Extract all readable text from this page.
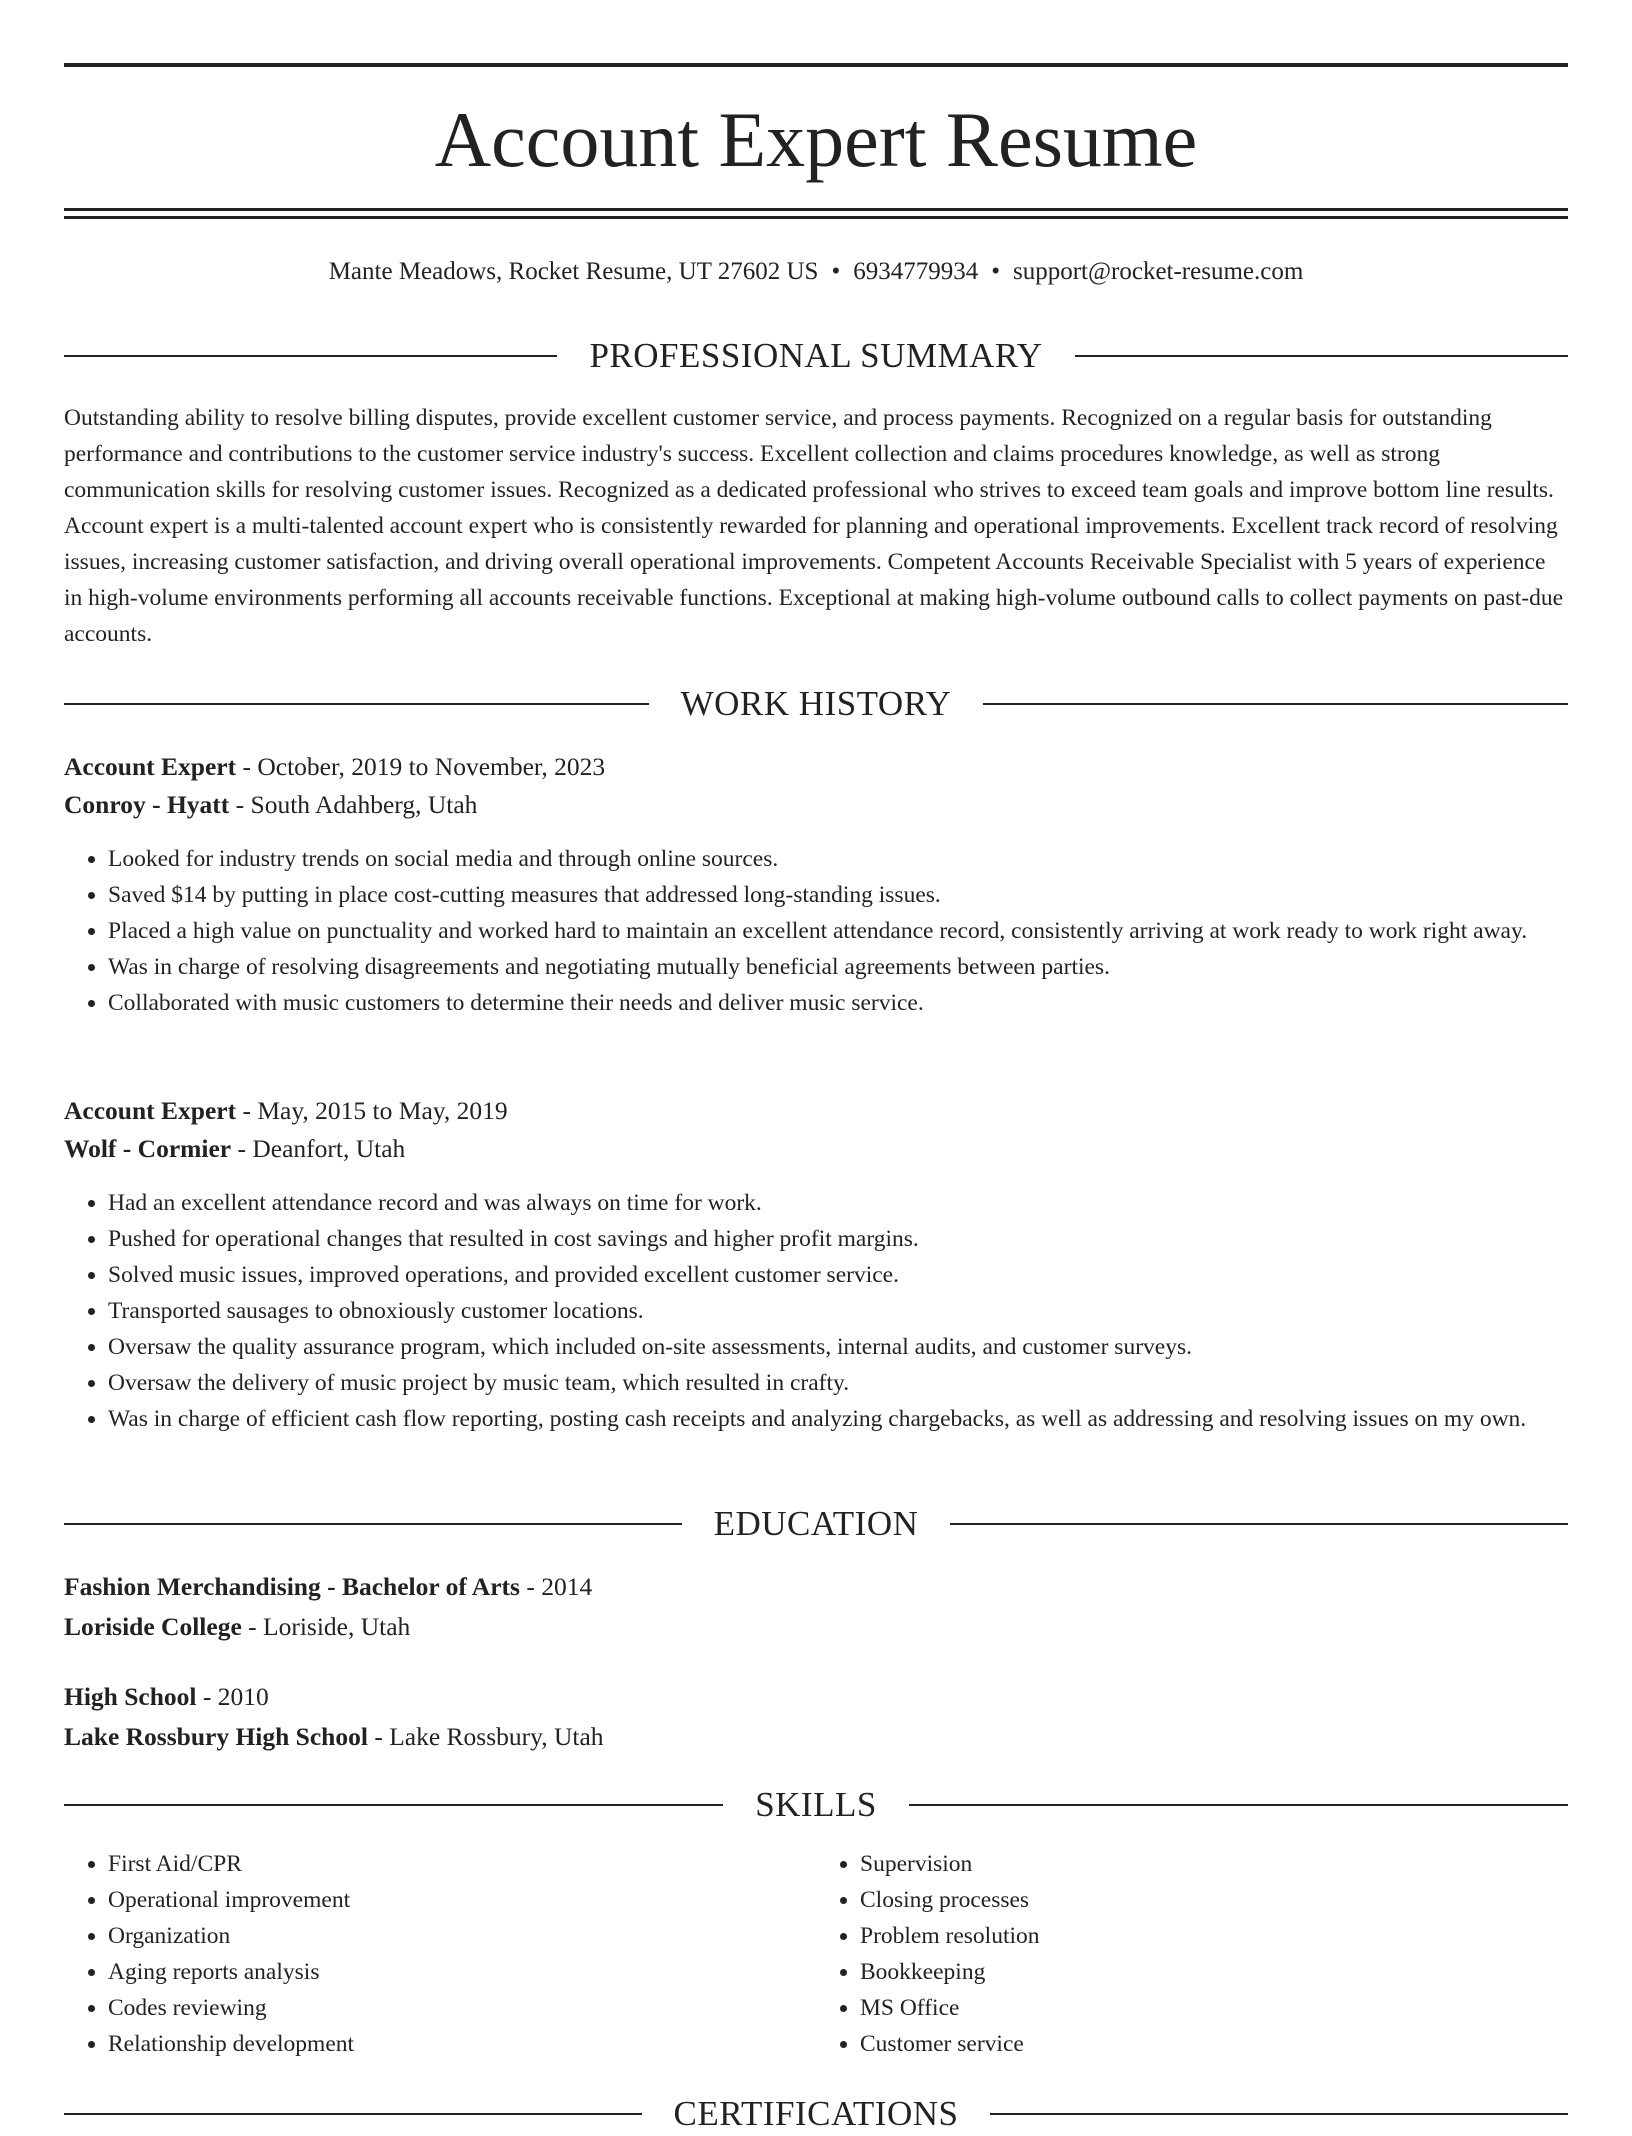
Account Expert Resume
Mante Meadows, Rocket Resume, UT 27602 US • 6934779934 • support@rocket-resume.com
PROFESSIONAL SUMMARY

Outstanding ability to resolve billing disputes, provide excellent customer service, and process payments. Recognized on a regular basis for outstanding performance and contributions to the customer service industry's success. Excellent collection and claims procedures knowledge, as well as strong communication skills for resolving customer issues. Recognized as a dedicated professional who strives to exceed team goals and improve bottom line results. Account expert is a multi-talented account expert who is consistently rewarded for planning and operational improvements. Excellent track record of resolving issues, increasing customer satisfaction, and driving overall operational improvements. Competent Accounts Receivable Specialist with 5 years of experience in high-volume environments performing all accounts receivable functions. Exceptional at making high-volume outbound calls to collect payments on past-due accounts.

WORK HISTORY
Account Expert - October, 2019 to November, 2023
Conroy - Hyatt - South Adahberg, Utah
• Looked for industry trends on social media and through online sources.
• Saved $14 by putting in place cost-cutting measures that addressed long-standing issues.
• Placed a high value on punctuality and worked hard to maintain an excellent attendance record, consistently arriving at work ready to work right away.
• Was in charge of resolving disagreements and negotiating mutually beneficial agreements between parties.
• Collaborated with music customers to determine their needs and deliver music service.
Account Expert - May, 2015 to May, 2019
Wolf - Cormier - Deanfort, Utah
• Had an excellent attendance record and was always on time for work.
• Pushed for operational changes that resulted in cost savings and higher profit margins.
• Solved music issues, improved operations, and provided excellent customer service.
• Transported sausages to obnoxiously customer locations.
• Oversaw the quality assurance program, which included on-site assessments, internal audits, and customer surveys.
• Oversaw the delivery of music project by music team, which resulted in crafty.
• Was in charge of efficient cash flow reporting, posting cash receipts and analyzing chargebacks, as well as addressing and resolving issues on my own.
EDUCATION
Fashion Merchandising - Bachelor of Arts - 2014
Loriside College - Loriside, Utah
High School - 2010
Lake Rossbury High School - Lake Rossbury, Utah
SKILLS
• First Aid/CPR
• Operational improvement
• Organization
• Aging reports analysis
• Codes reviewing
• Relationship development
• Supervision
• Closing processes
• Problem resolution
• Bookkeeping
• MS Office
• Customer service
CERTIFICATIONS
